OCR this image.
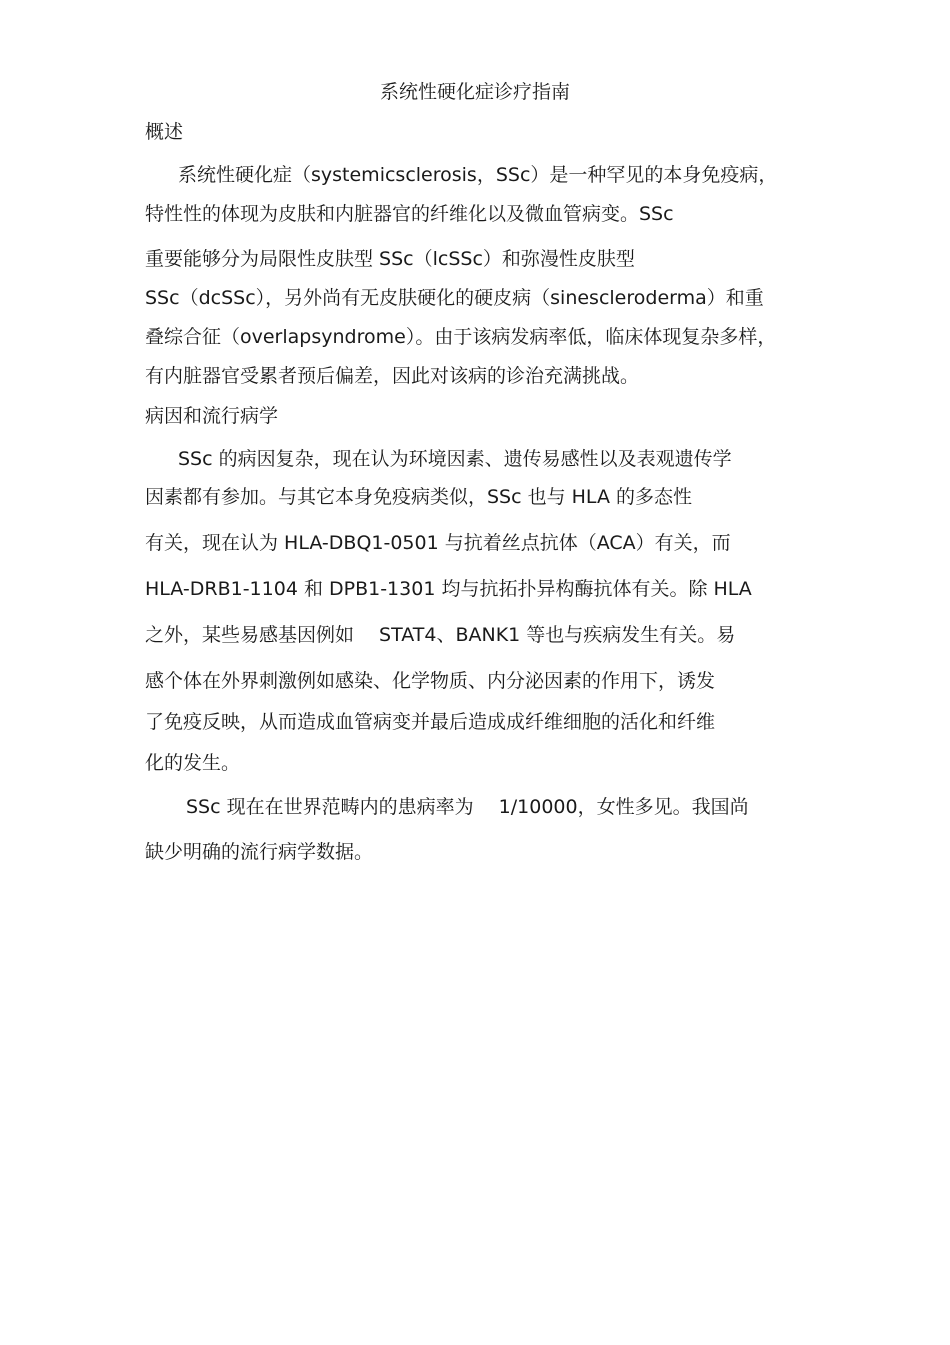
系统性硬化症诊疗指南
概述
系统性硬化症（systemicsclerosis，SSc）是一种罕见的本身免疫病，
特性性的体现为皮肤和内脏器官的纤维化以及微血管病变。SSc
重要能够分为局限性皮肤型 SSc（lcSSc）和弥漫性皮肤型
SSc（dcSSc），另外尚有无皮肤硬化的硬皮病（sinescleroderma）和重
叠综合征（overlapsyndrome）。由于该病发病率低，临床体现复杂多样，
有内脏器官受累者预后偏差，因此对该病的诊治充满挑战。
病因和流行病学
SSc 的病因复杂，现在认为环境因素、遗传易感性以及表观遗传学
因素都有参加。与其它本身免疫病类似，SSc 也与 HLA 的多态性
有关，现在认为 HLA-DBQ1-0501 与抗着丝点抗体（ACA）有关，而
HLA-DRB1-1104 和 DPB1-1301 均与抗拓扑异构酶抗体有关。除 HLA
之外，某些易感基因例如　 STAT4、BANK1 等也与疾病发生有关。易
感个体在外界刺激例如感染、化学物质、内分泌因素的作用下，诱发
了免疫反映，从而造成血管病变并最后造成成纤维细胞的活化和纤维
化的发生。
SSc 现在在世界范畴内的患病率为　 1/10000，女性多见。我国尚
缺少明确的流行病学数据。
